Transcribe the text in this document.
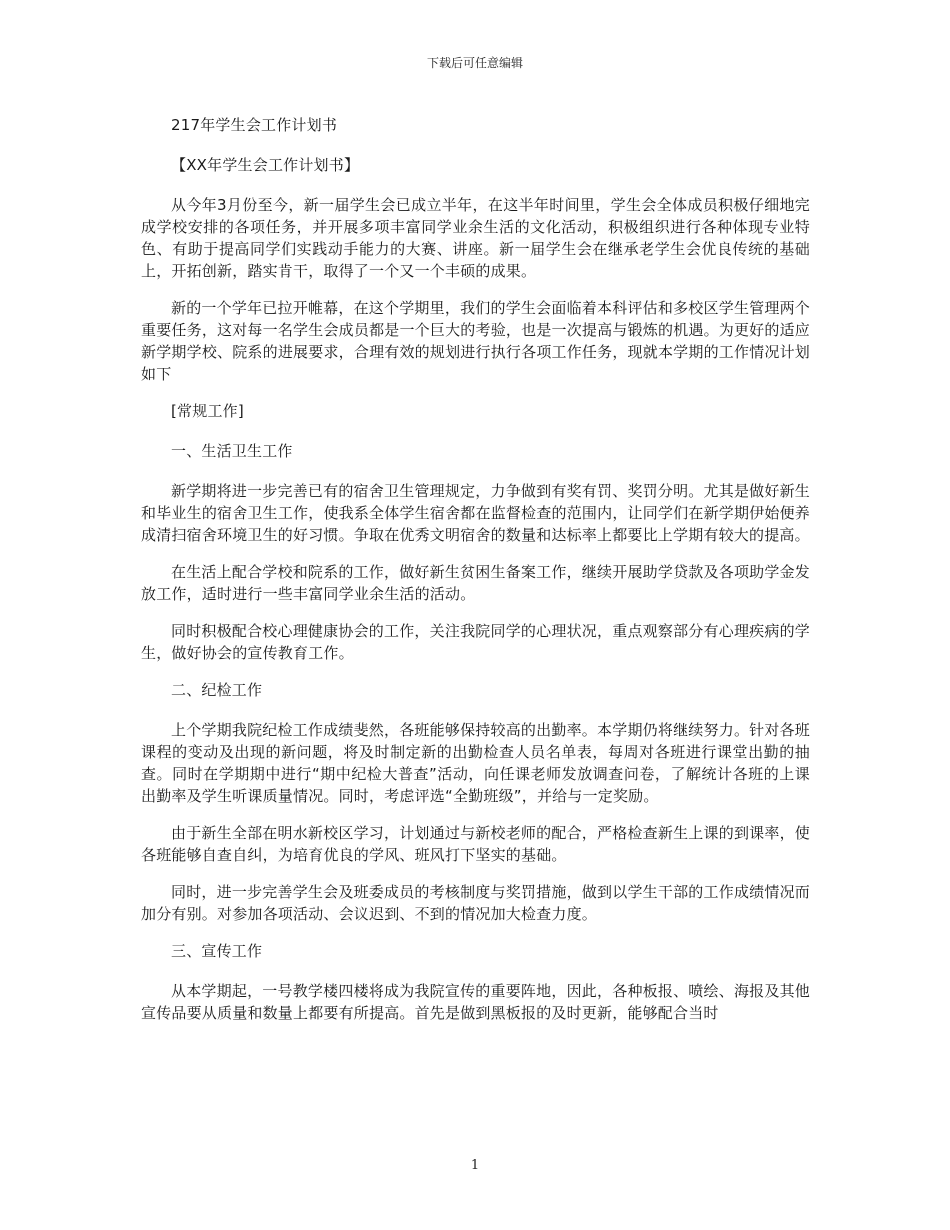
下载后可任意编辑

217年学生会工作计划书

【XX年学生会工作计划书】

从今年3月份至今，新一届学生会已成立半年，在这半年时间里，学生会全体成员积极仔细地完成学校安排的各项任务，并开展多项丰富同学业余生活的文化活动，积极组织进行各种体现专业特色、有助于提高同学们实践动手能力的大赛、讲座。新一届学生会在继承老学生会优良传统的基础上，开拓创新，踏实肯干，取得了一个又一个丰硕的成果。

新的一个学年已拉开帷幕，在这个学期里，我们的学生会面临着本科评估和多校区学生管理两个重要任务，这对每一名学生会成员都是一个巨大的考验，也是一次提高与锻炼的机遇。为更好的适应新学期学校、院系的进展要求，合理有效的规划进行执行各项工作任务，现就本学期的工作情况计划如下

[常规工作]

一、生活卫生工作

新学期将进一步完善已有的宿舍卫生管理规定，力争做到有奖有罚、奖罚分明。尤其是做好新生和毕业生的宿舍卫生工作，使我系全体学生宿舍都在监督检查的范围内，让同学们在新学期伊始便养成清扫宿舍环境卫生的好习惯。争取在优秀文明宿舍的数量和达标率上都要比上学期有较大的提高。

在生活上配合学校和院系的工作，做好新生贫困生备案工作，继续开展助学贷款及各项助学金发放工作，适时进行一些丰富同学业余生活的活动。

同时积极配合校心理健康协会的工作，关注我院同学的心理状况，重点观察部分有心理疾病的学生，做好协会的宣传教育工作。

二、纪检工作

上个学期我院纪检工作成绩斐然，各班能够保持较高的出勤率。本学期仍将继续努力。针对各班课程的变动及出现的新问题，将及时制定新的出勤检查人员名单表，每周对各班进行课堂出勤的抽查。同时在学期期中进行“期中纪检大普查”活动，向任课老师发放调查问卷，了解统计各班的上课出勤率及学生听课质量情况。同时，考虑评选“全勤班级”，并给与一定奖励。

由于新生全部在明水新校区学习，计划通过与新校老师的配合，严格检查新生上课的到课率，使各班能够自查自纠，为培育优良的学风、班风打下坚实的基础。

同时，进一步完善学生会及班委成员的考核制度与奖罚措施，做到以学生干部的工作成绩情况而加分有别。对参加各项活动、会议迟到、不到的情况加大检查力度。

三、宣传工作

从本学期起，一号教学楼四楼将成为我院宣传的重要阵地，因此，各种板报、喷绘、海报及其他宣传品要从质量和数量上都要有所提高。首先是做到黑板报的及时更新，能够配合当时

1
